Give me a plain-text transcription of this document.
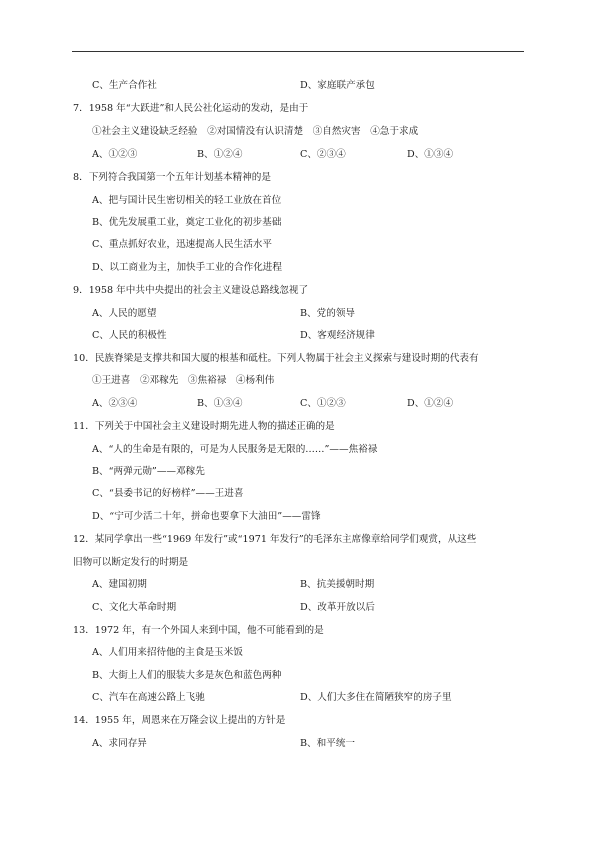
C、生产合作社	D、家庭联产承包
7．1958 年“大跃进”和人民公社化运动的发动，是由于
①社会主义建设缺乏经验　②对国情没有认识清楚　③自然灾害　④急于求成
A、①②③	B、①②④	C、②③④	D、①③④
8．下列符合我国第一个五年计划基本精神的是
A、把与国计民生密切相关的轻工业放在首位
B、优先发展重工业，奠定工业化的初步基础
C、重点抓好农业，迅速提高人民生活水平
D、以工商业为主，加快手工业的合作化进程
9．1958 年中共中央提出的社会主义建设总路线忽视了
A、人民的愿望	B、党的领导
C、人民的积极性	D、客观经济规律
10．民族脊梁是支撑共和国大厦的根基和砥柱。下列人物属于社会主义探索与建设时期的代表有
①王进喜　②邓稼先　③焦裕禄　④杨利伟
A、②③④	B、①③④	C、①②③	D、①②④
11．下列关于中国社会主义建设时期先进人物的描述正确的是
A、“人的生命是有限的，可是为人民服务是无限的……”——焦裕禄
B、“两弹元勋”——邓稼先
C、“县委书记的好榜样”——王进喜
D、“宁可少活二十年，拼命也要拿下大油田”——雷锋
12．某同学拿出一些“1969 年发行”或“1971 年发行”的毛泽东主席像章给同学们观赏，从这些
旧物可以断定发行的时期是
A、建国初期	B、抗美援朝时期
C、文化大革命时期	D、改革开放以后
13．1972 年，有一个外国人来到中国，他不可能看到的是
A、人们用来招待他的主食是玉米饭
B、大街上人们的服装大多是灰色和蓝色两种
C、汽车在高速公路上飞驰	D、人们大多住在简陋狭窄的房子里
14．1955 年，周恩来在万隆会议上提出的方针是
A、求同存异	B、和平统一
